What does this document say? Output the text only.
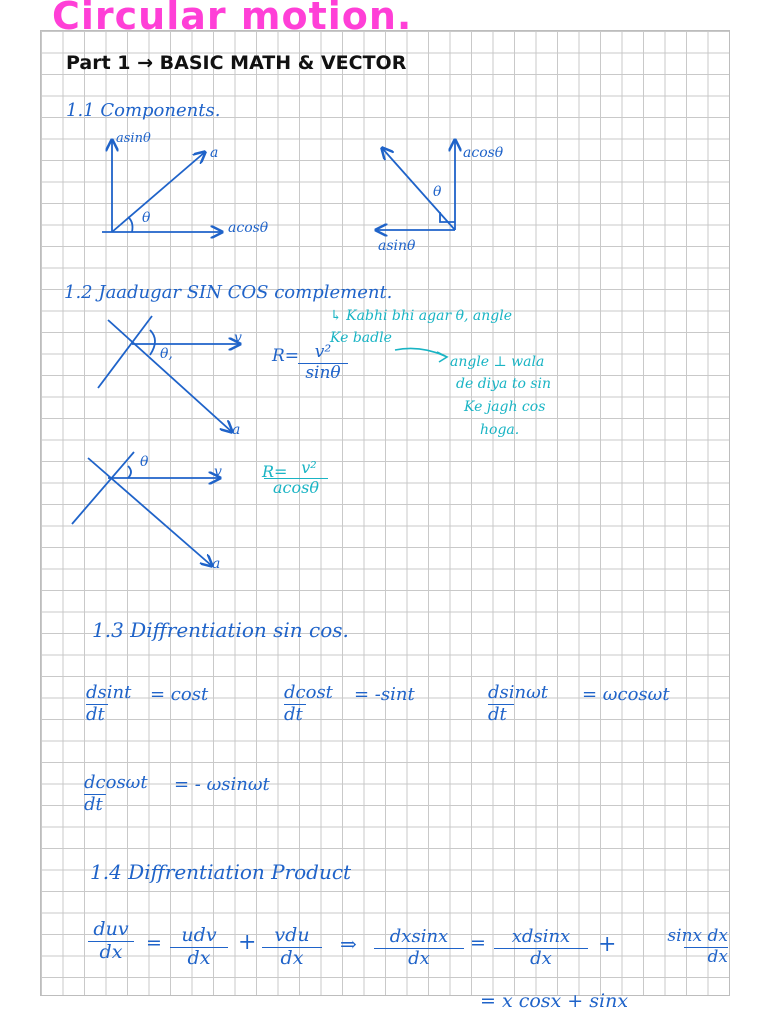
Circular motion.
Part 1 → BASIC MATH & VECTOR
1.1 Components.
asinθ
a
θ
acosθ
acosθ
θ
asinθ
1.2 Jaadugar SIN COS complement.
θ,
v
a
θ
v
a
R= v²
sinθ
R= v²
acosθ
↳ Kabhi bhi agar θ, angle
Ke badle
angle ⊥ wala
de diya to sin
Ke jagh cos
hoga.
1.3 Diffrentiation sin cos.
dsint
dt
= cost	dcost
dt
= -sint	dsinωt
dt
= ωcosωt
dcosωt
dt
= - ωsinωt
1.4 Diffrentiation Product
duv
dx	=	udv
dx
+ vdu
dx
⇒	dxsinx
dx
=	xdsinx
dx
+	sinx dx
dx
= x cosx + sinx
